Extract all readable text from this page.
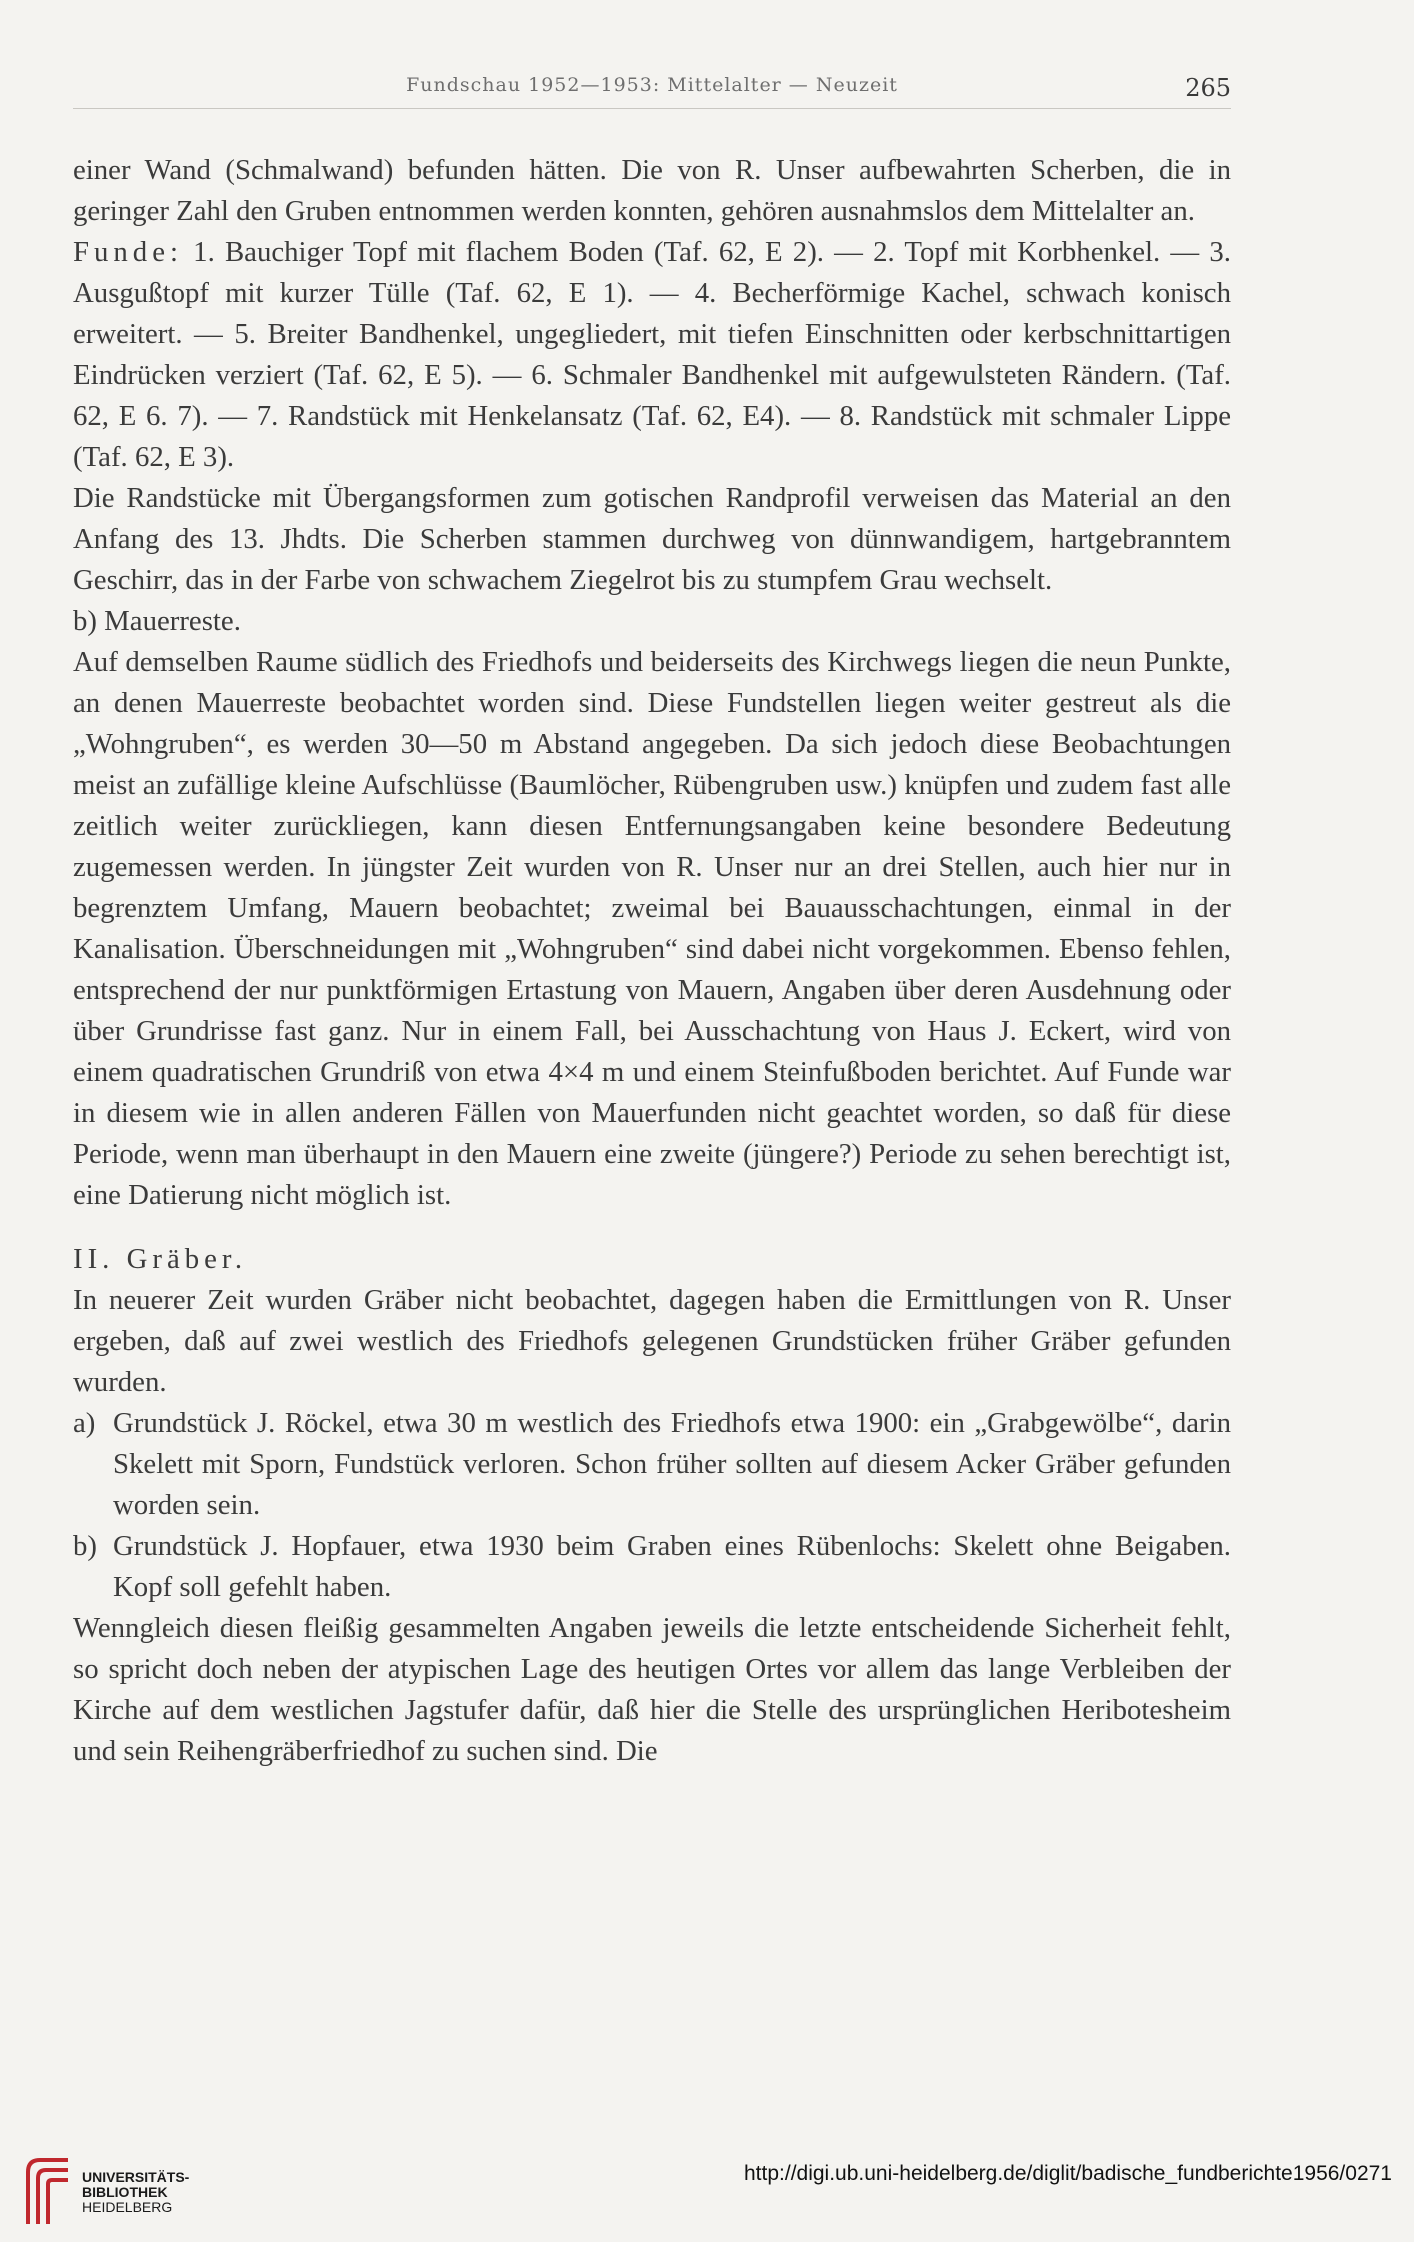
Fundschau 1952—1953: Mittelalter — Neuzeit	265

einer Wand (Schmalwand) befunden hätten. Die von R. Unser aufbewahrten Scherben, die in geringer Zahl den Gruben entnommen werden konnten, gehören ausnahmslos dem Mittelalter an.

Funde: 1. Bauchiger Topf mit flachem Boden (Taf. 62, E 2). — 2. Topf mit Korbhenkel. — 3. Ausgußtopf mit kurzer Tülle (Taf. 62, E 1). — 4. Becherförmige Kachel, schwach konisch erweitert. — 5. Breiter Bandhenkel, ungegliedert, mit tiefen Einschnitten oder kerbschnittartigen Eindrücken verziert (Taf. 62, E 5). — 6. Schmaler Bandhenkel mit aufgewulsteten Rändern. (Taf. 62, E 6. 7). — 7. Randstück mit Henkelansatz (Taf. 62, E4). — 8. Randstück mit schmaler Lippe (Taf. 62, E 3).

Die Randstücke mit Übergangsformen zum gotischen Randprofil verweisen das Material an den Anfang des 13. Jhdts. Die Scherben stammen durchweg von dünnwandigem, hartgebranntem Geschirr, das in der Farbe von schwachem Ziegelrot bis zu stumpfem Grau wechselt.

b) Mauerreste.

Auf demselben Raume südlich des Friedhofs und beiderseits des Kirchwegs liegen die neun Punkte, an denen Mauerreste beobachtet worden sind. Diese Fundstellen liegen weiter gestreut als die „Wohngruben“, es werden 30—50 m Abstand angegeben. Da sich jedoch diese Beobachtungen meist an zufällige kleine Aufschlüsse (Baumlöcher, Rübengruben usw.) knüpfen und zudem fast alle zeitlich weiter zurückliegen, kann diesen Entfernungsangaben keine besondere Bedeutung zugemessen werden. In jüngster Zeit wurden von R. Unser nur an drei Stellen, auch hier nur in begrenztem Umfang, Mauern beobachtet; zweimal bei Bauausschachtungen, einmal in der Kanalisation. Überschneidungen mit „Wohngruben“ sind dabei nicht vorgekommen. Ebenso fehlen, entsprechend der nur punktförmigen Ertastung von Mauern, Angaben über deren Ausdehnung oder über Grundrisse fast ganz. Nur in einem Fall, bei Ausschachtung von Haus J. Eckert, wird von einem quadratischen Grundriß von etwa 4×4 m und einem Steinfußboden berichtet. Auf Funde war in diesem wie in allen anderen Fällen von Mauerfunden nicht geachtet worden, so daß für diese Periode, wenn man überhaupt in den Mauern eine zweite (jüngere?) Periode zu sehen berechtigt ist, eine Datierung nicht möglich ist.

II. Gräber.

In neuerer Zeit wurden Gräber nicht beobachtet, dagegen haben die Ermittlungen von R. Unser ergeben, daß auf zwei westlich des Friedhofs gelegenen Grundstücken früher Gräber gefunden wurden.

a) Grundstück J. Röckel, etwa 30 m westlich des Friedhofs etwa 1900: ein „Grabgewölbe“, darin Skelett mit Sporn, Fundstück verloren. Schon früher sollten auf diesem Acker Gräber gefunden worden sein.
b) Grundstück J. Hopfauer, etwa 1930 beim Graben eines Rübenlochs: Skelett ohne Beigaben. Kopf soll gefehlt haben.

Wenngleich diesen fleißig gesammelten Angaben jeweils die letzte entscheidende Sicherheit fehlt, so spricht doch neben der atypischen Lage des heutigen Ortes vor allem das lange Verbleiben der Kirche auf dem westlichen Jagstufer dafür, daß hier die Stelle des ursprünglichen Heribotesheim und sein Reihengräberfriedhof zu suchen sind. Die

UNIVERSITÄTS-
BIBLIOTHEK
HEIDELBERG
http://digi.ub.uni-heidelberg.de/diglit/badische_fundberichte1956/0271
